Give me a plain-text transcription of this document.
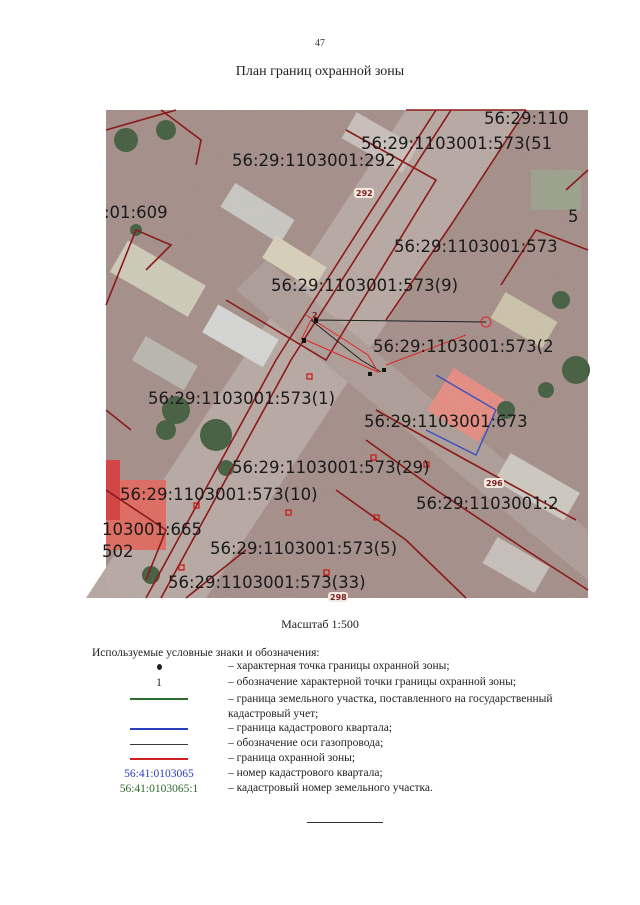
47
План границ охранной зоны
2
292
296
298
56:29:1103001:573(51
56:29:1103001:292
56:29:110
:01:609
56:29:1103001:573
56:29:1103001:573(9)
56:29:1103001:573(2
56:29:1103001:573(1)
56:29:1103001:673
56:29:1103001:573(29)
56:29:1103001:573(10)	56:29:1103001:2
103001:665
502	56:29:1103001:573(5)
56:29:1103001:573(33)
5
Масштаб 1:500
Используемые условные знаки и обозначения:
– характерная точка границы охранной зоны;
1	– обозначение характерной точки границы охранной зоны;
– граница земельного участка, поставленного на государственный кадастровый учет;
– граница кадастрового квартала;
– обозначение оси газопровода;
– граница охранной зоны;
56:41:0103065	– номер кадастрового квартала;
56:41:0103065:1	– кадастровый номер земельного участка.
